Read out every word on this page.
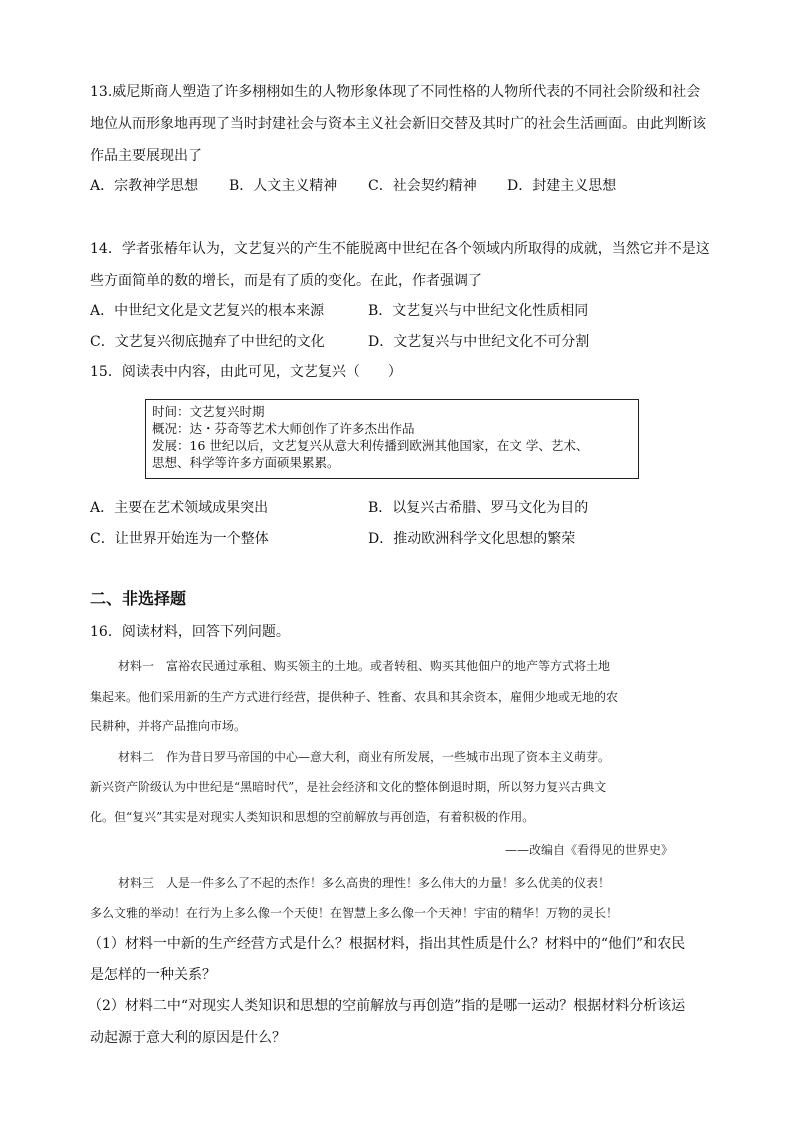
13.威尼斯商人塑造了许多栩栩如生的人物形象体现了不同性格的人物所代表的不同社会阶级和社会
地位从而形象地再现了当时封建社会与资本主义社会新旧交替及其时广的社会生活画面。由此判断该
作品主要展现出了
A．宗教神学思想 B．人文主义精神 C．社会契约精神 D．封建主义思想
14．学者张椿年认为，文艺复兴的产生不能脱离中世纪在各个领域内所取得的成就，当然它并不是这
些方面简单的数的增长，而是有了质的变化。在此，作者强调了
A．中世纪文化是文艺复兴的根本来源	B．文艺复兴与中世纪文化性质相同
C．文艺复兴彻底抛弃了中世纪的文化	D．文艺复兴与中世纪文化不可分割
15．阅读表中内容，由此可见，文艺复兴（　　）
时间：文艺复兴时期
概况：达・芬奇等艺术大师创作了许多杰出作品
发展：16 世纪以后，文艺复兴从意大利传播到欧洲其他国家，在文 学、艺术、
思想、科学等许多方面硕果累累。
A．主要在艺术领域成果突出	B．以复兴古希腊、罗马文化为目的
C．让世界开始连为一个整体	D．推动欧洲科学文化思想的繁荣
二、非选择题
16．阅读材料，回答下列问题。
材料一　富裕农民通过承租、购买领主的土地。或者转租、购买其他佃户的地产等方式将土地
集起来。他们采用新的生产方式进行经营，提供种子、牲畜、农具和其余资本，雇佣少地或无地的农
民耕种，并将产品推向市场。
材料二　作为昔日罗马帝国的中心—意大利，商业有所发展，一些城市出现了资本主义萌芽。
新兴资产阶级认为中世纪是“黑暗时代”，是社会经济和文化的整体倒退时期，所以努力复兴古典文
化。但“复兴”其实是对现实人类知识和思想的空前解放与再创造，有着积极的作用。
——改编自《看得见的世界史》
材料三　人是一件多么了不起的杰作！多么高贵的理性！多么伟大的力量！多么优美的仪表！
多么文雅的举动！在行为上多么像一个天使！在智慧上多么像一个天神！宇宙的精华！万物的灵长！
（1）材料一中新的生产经营方式是什么？根据材料，指出其性质是什么？材料中的“他们”和农民
是怎样的一种关系？
（2）材料二中“对现实人类知识和思想的空前解放与再创造”指的是哪一运动？根据材料分析该运
动起源于意大利的原因是什么？
